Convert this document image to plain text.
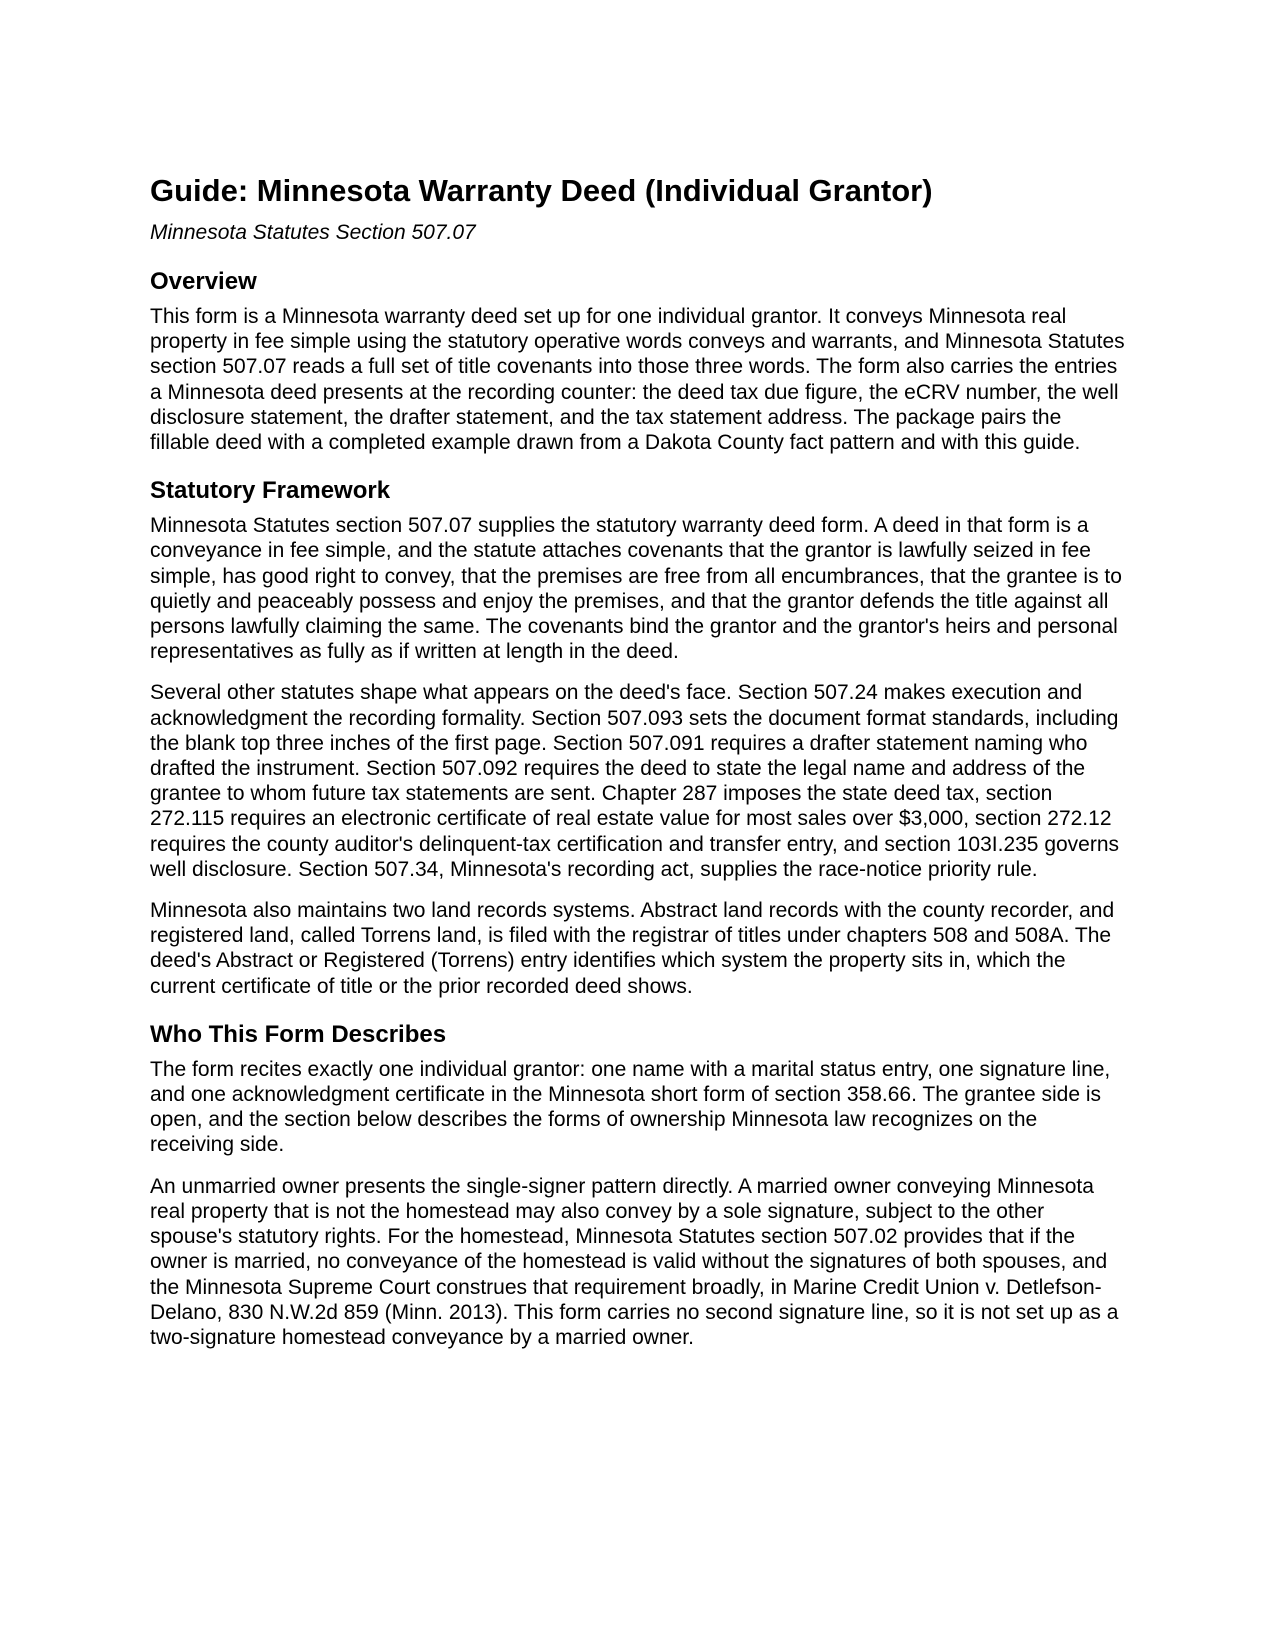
Guide: Minnesota Warranty Deed (Individual Grantor)
Minnesota Statutes Section 507.07
Overview

This form is a Minnesota warranty deed set up for one individual grantor. It conveys Minnesota real property in fee simple using the statutory operative words conveys and warrants, and Minnesota Statutes section 507.07 reads a full set of title covenants into those three words. The form also carries the entries a Minnesota deed presents at the recording counter: the deed tax due figure, the eCRV number, the well disclosure statement, the drafter statement, and the tax statement address. The package pairs the fillable deed with a completed example drawn from a Dakota County fact pattern and with this guide.

Statutory Framework

Minnesota Statutes section 507.07 supplies the statutory warranty deed form. A deed in that form is a conveyance in fee simple, and the statute attaches covenants that the grantor is lawfully seized in fee simple, has good right to convey, that the premises are free from all encumbrances, that the grantee is to quietly and peaceably possess and enjoy the premises, and that the grantor defends the title against all persons lawfully claiming the same. The covenants bind the grantor and the grantor's heirs and personal representatives as fully as if written at length in the deed.

Several other statutes shape what appears on the deed's face. Section 507.24 makes execution and acknowledgment the recording formality. Section 507.093 sets the document format standards, including the blank top three inches of the first page. Section 507.091 requires a drafter statement naming who drafted the instrument. Section 507.092 requires the deed to state the legal name and address of the grantee to whom future tax statements are sent. Chapter 287 imposes the state deed tax, section 272.115 requires an electronic certificate of real estate value for most sales over $3,000, section 272.12 requires the county auditor's delinquent-tax certification and transfer entry, and section 103I.235 governs well disclosure. Section 507.34, Minnesota's recording act, supplies the race-notice priority rule.

Minnesota also maintains two land records systems. Abstract land records with the county recorder, and registered land, called Torrens land, is filed with the registrar of titles under chapters 508 and 508A. The deed's Abstract or Registered (Torrens) entry identifies which system the property sits in, which the current certificate of title or the prior recorded deed shows.

Who This Form Describes

The form recites exactly one individual grantor: one name with a marital status entry, one signature line, and one acknowledgment certificate in the Minnesota short form of section 358.66. The grantee side is open, and the section below describes the forms of ownership Minnesota law recognizes on the receiving side.

An unmarried owner presents the single-signer pattern directly. A married owner conveying Minnesota real property that is not the homestead may also convey by a sole signature, subject to the other spouse's statutory rights. For the homestead, Minnesota Statutes section 507.02 provides that if the owner is married, no conveyance of the homestead is valid without the signatures of both spouses, and the Minnesota Supreme Court construes that requirement broadly, in Marine Credit Union v. Detlefson-Delano, 830 N.W.2d 859 (Minn. 2013). This form carries no second signature line, so it is not set up as a two-signature homestead conveyance by a married owner.
